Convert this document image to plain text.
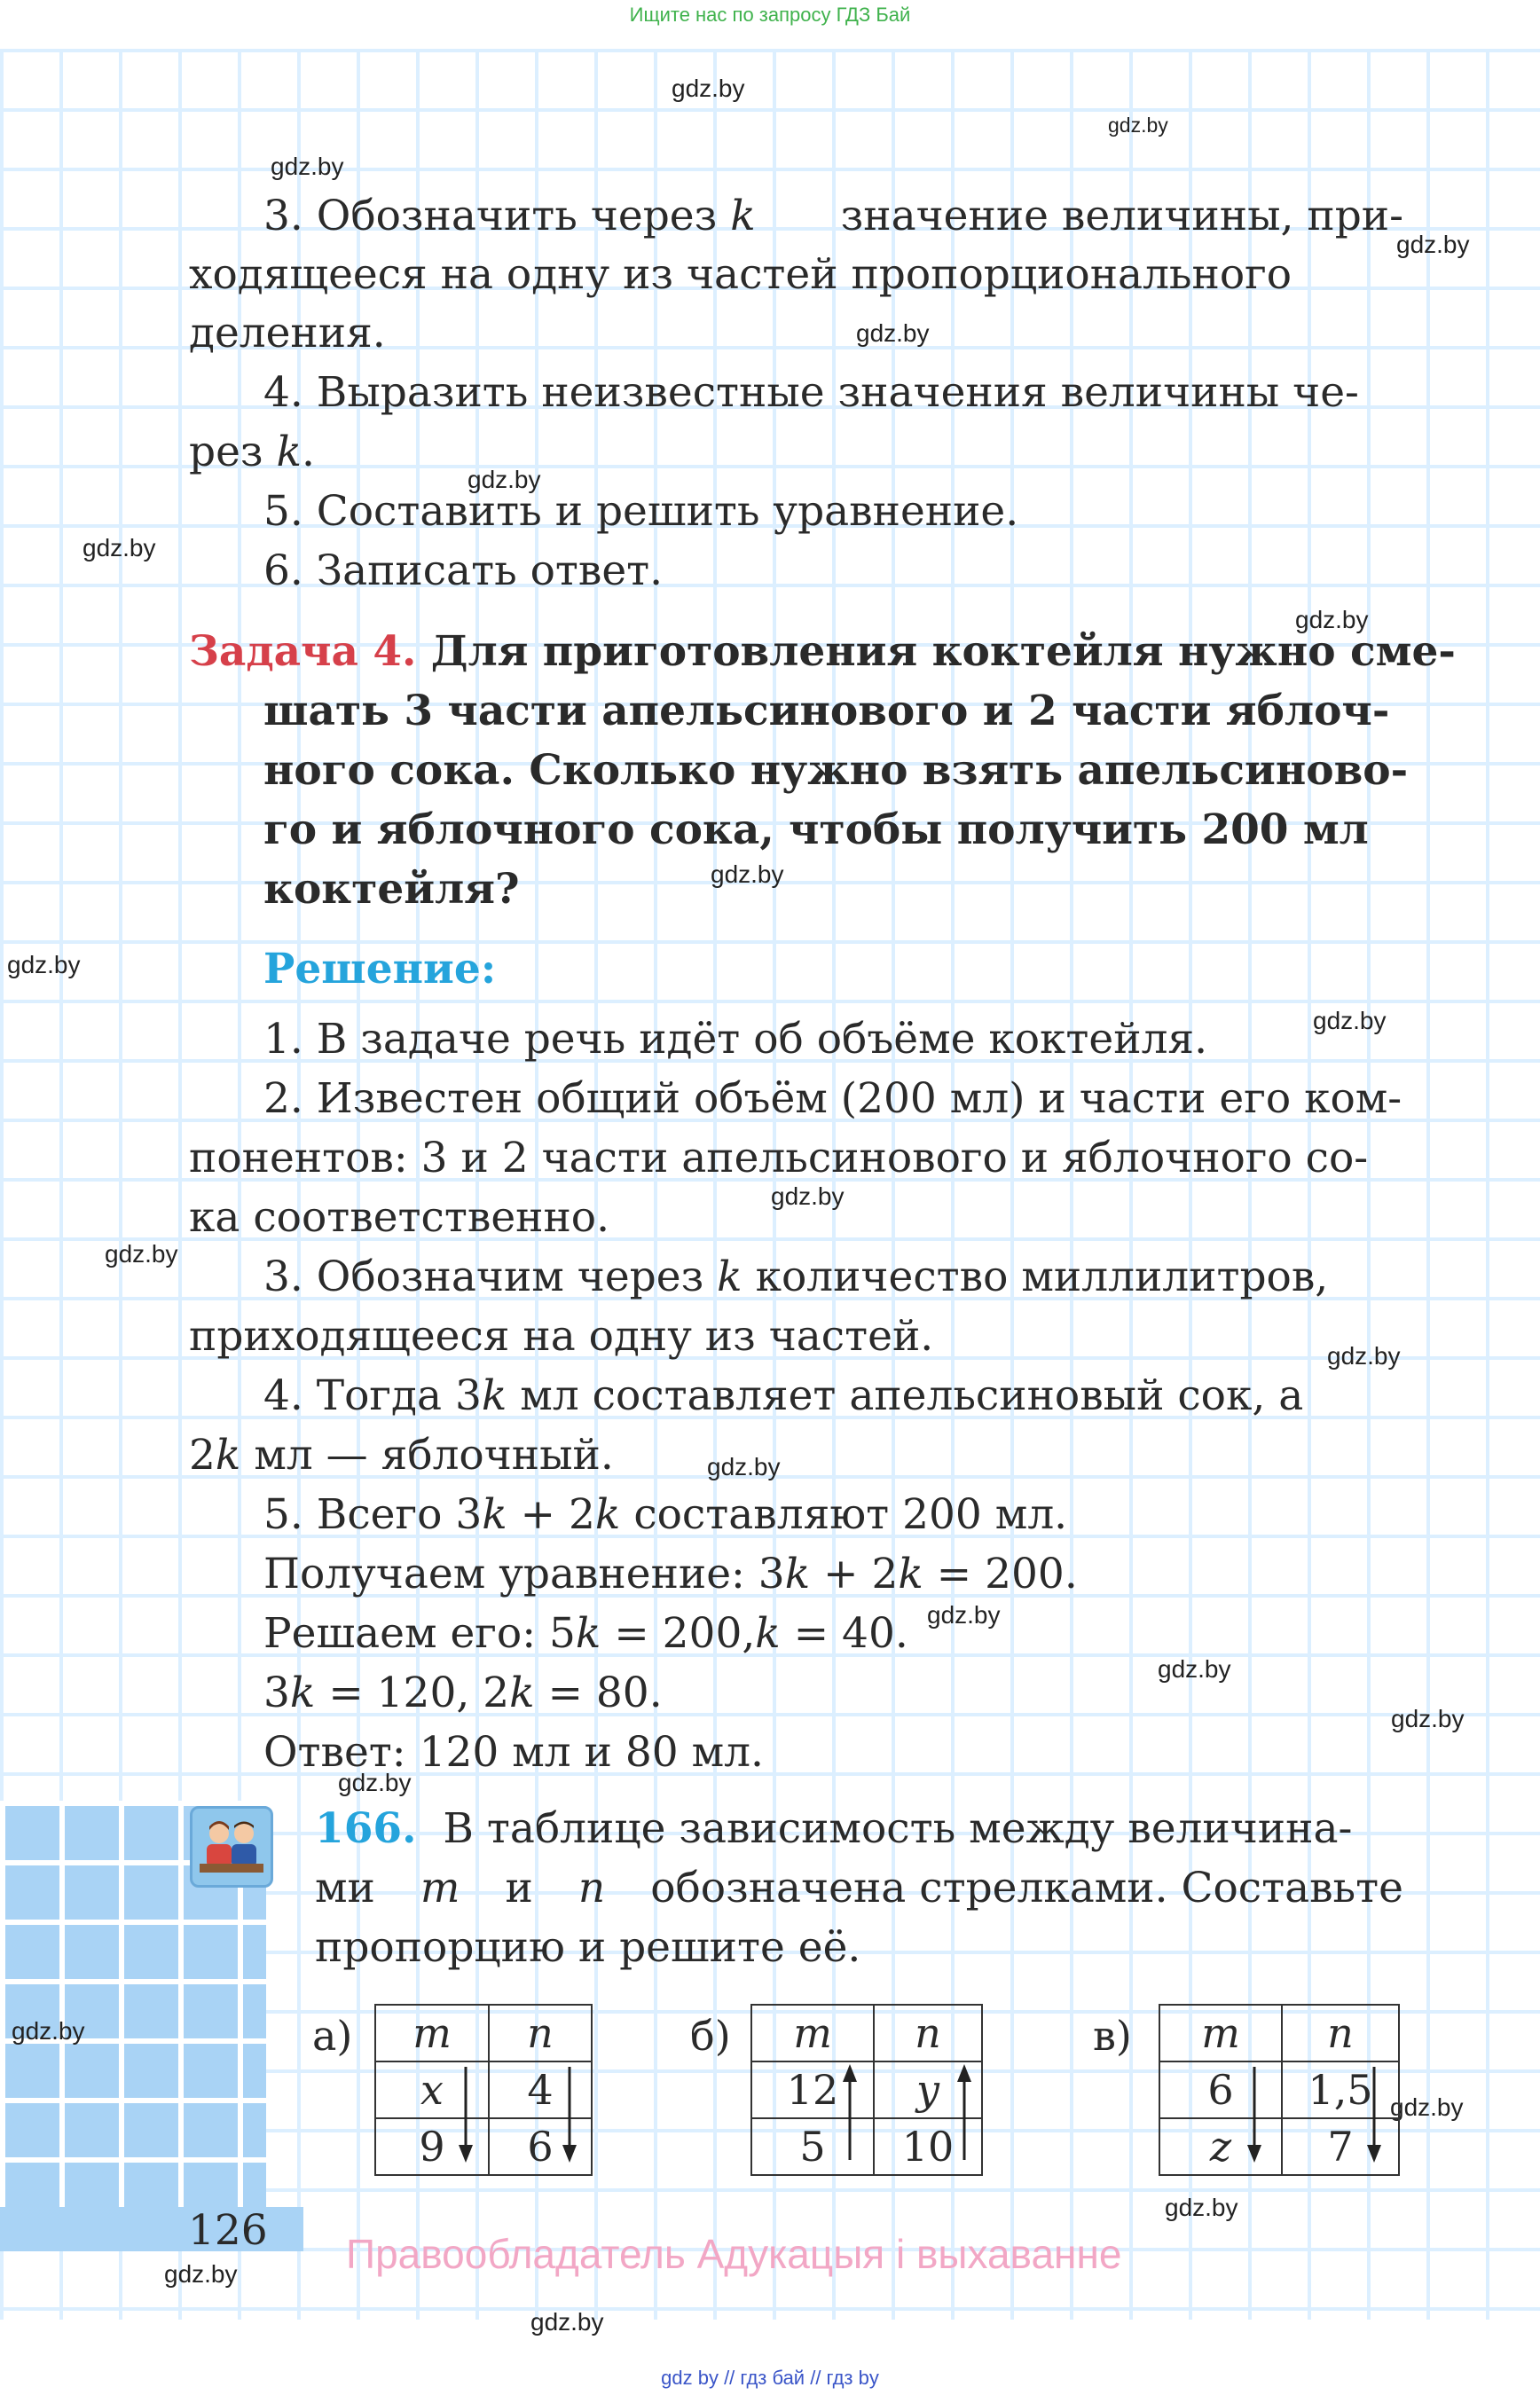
Ищите нас по запросу ГДЗ Бай
gdz.by
gdz.by
gdz.by
gdz.by
gdz.by
gdz.by
gdz.by
gdz.by
gdz.by
gdz.by
gdz.by
gdz.by
gdz.by
gdz.by
gdz.by
gdz.by
gdz.by
gdz.by
gdz.by
gdz.by
gdz.by
gdz.by
gdz.by
gdz.by
3. Обозначить через k значение величины, при-
ходящееся на одну из частей пропорционального
деления.
4. Выразить неизвестные значения величины че-
рез k.
5. Составить и решить уравнение.
6. Записать ответ.
Задача 4. Для приготовления коктейля нужно сме-
шать 3 части апельсинового и 2 части яблоч-
ного сока. Сколько нужно взять апельсиново-
го и яблочного сока, чтобы получить 200 мл
коктейля?
Решение:
1. В задаче речь идёт об объёме коктейля.
2. Известен общий объём (200 мл) и части его ком-
понентов: 3 и 2 части апельсинового и яблочного со-
ка соответственно.
3. Обозначим через k количество миллилитров,
приходящееся на одну из частей.
4. Тогда 3k мл составляет апельсиновый сок, а
2k мл — яблочный.
5. Всего 3k + 2k составляют 200 мл.
Получаем уравнение: 3k + 2k = 200.
Решаем его: 5k = 200,k = 40.
3k = 120, 2k = 80.
Ответ: 120 мл и 80 мл.
166. В таблице зависимость между величина-
ми m и n обозначена стрелками. Составьте
пропорцию и решите её.
а) m	n
x	4
9	6
б) m	n
12	y
5	10
в) m	n
6	1,5
z	7
126 Правообладатель Адукацыя і выхаванне
gdz by // гдз бай // гдз by
